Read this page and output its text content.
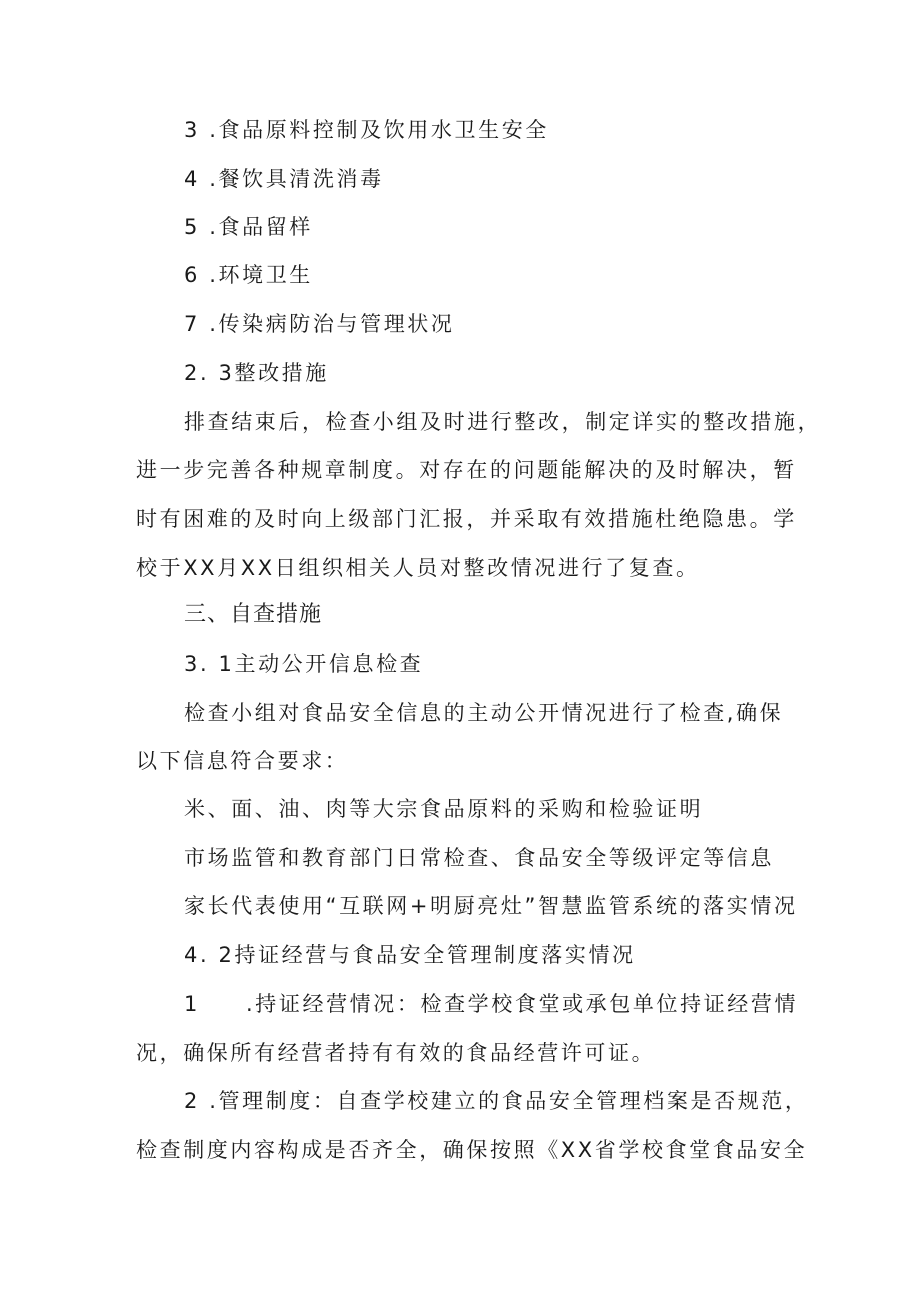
3 .食品原料控制及饮用水卫生安全
4 .餐饮具清洗消毒
5 .食品留样
6 .环境卫生
7 .传染病防治与管理状况
2. 3整改措施
排查结束后，检查小组及时进行整改，制定详实的整改措施，
进一步完善各种规章制度。对存在的问题能解决的及时解决，暂
时有困难的及时向上级部门汇报，并采取有效措施杜绝隐患。学
校于XX月XX日组织相关人员对整改情况进行了复查。
三、自查措施
3. 1主动公开信息检查
检查小组对食品安全信息的主动公开情况进行了检查,确保
以下信息符合要求：
米、面、油、肉等大宗食品原料的采购和检验证明
市场监管和教育部门日常检查、食品安全等级评定等信息
家长代表使用“互联网+明厨亮灶”智慧监管系统的落实情况
4. 2持证经营与食品安全管理制度落实情况
1 .持证经营情况：检查学校食堂或承包单位持证经营情
况，确保所有经营者持有有效的食品经营许可证。
2 .管理制度：自查学校建立的食品安全管理档案是否规范，
检查制度内容构成是否齐全，确保按照《XX省学校食堂食品安全
